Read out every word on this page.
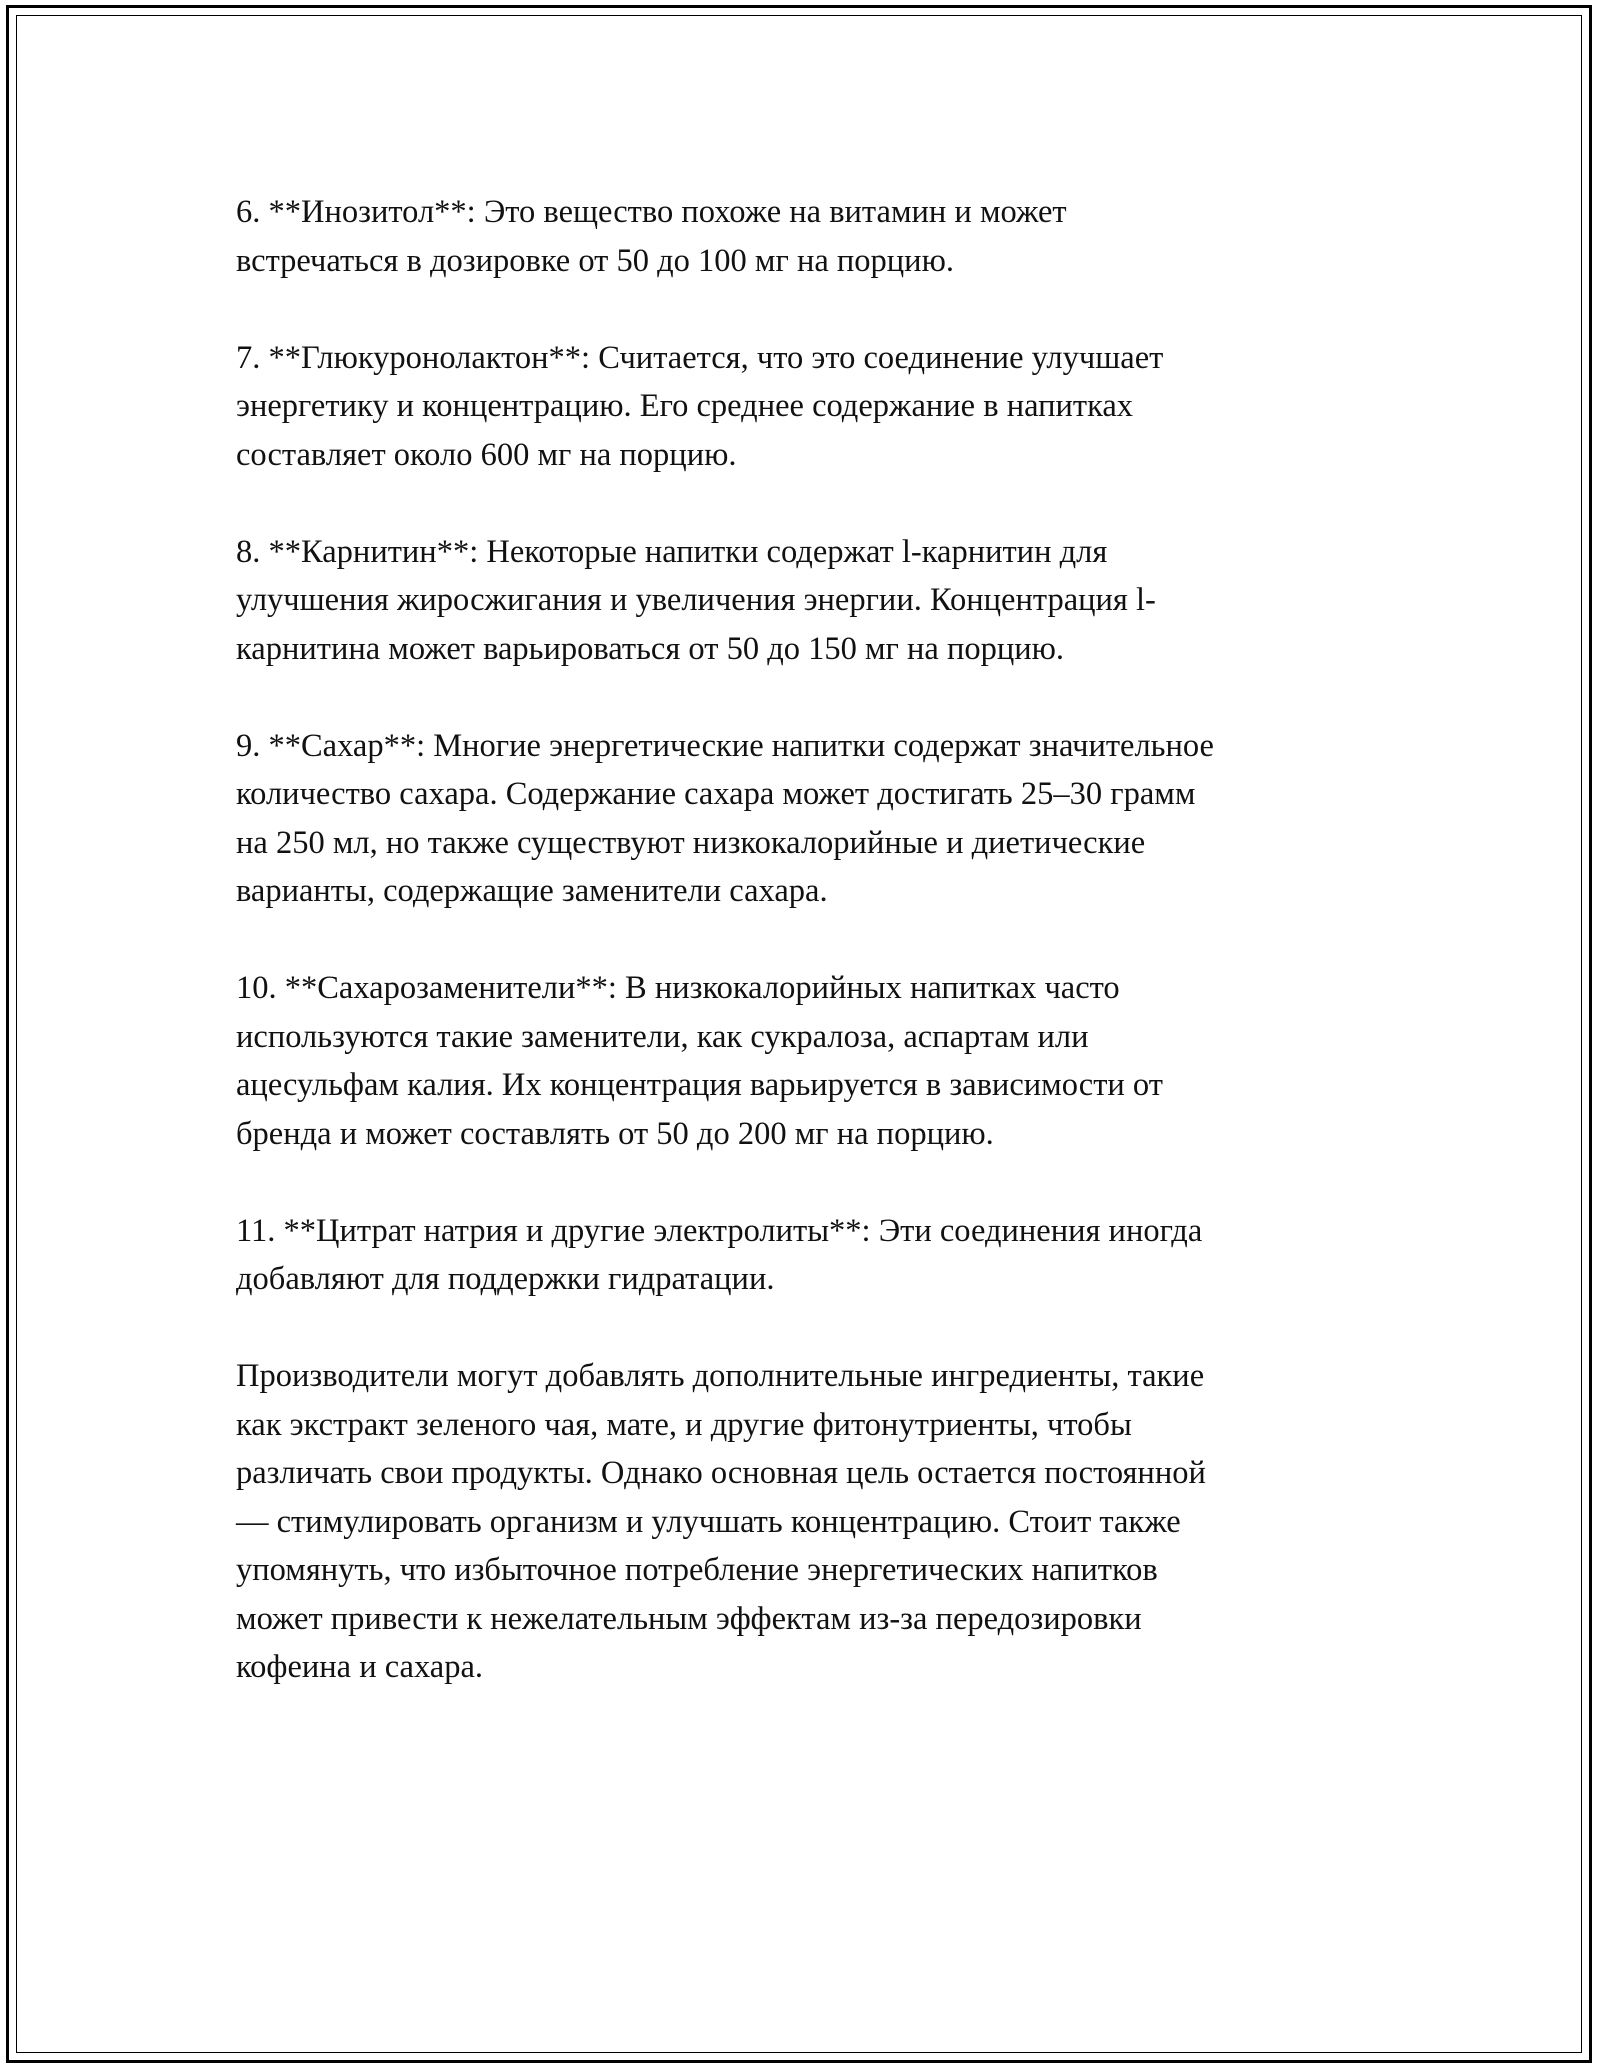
6. **Инозитол**: Это вещество похоже на витамин и может
встречаться в дозировке от 50 до 100 мг на порцию.

7. **Глюкуронолактон**: Считается, что это соединение улучшает
энергетику и концентрацию. Его среднее содержание в напитках
составляет около 600 мг на порцию.

8. **Карнитин**: Некоторые напитки содержат l-карнитин для
улучшения жиросжигания и увеличения энергии. Концентрация l-
карнитина может варьироваться от 50 до 150 мг на порцию.

9. **Сахар**: Многие энергетические напитки содержат значительное
количество сахара. Содержание сахара может достигать 25–30 грамм
на 250 мл, но также существуют низкокалорийные и диетические
варианты, содержащие заменители сахара.

10. **Сахарозаменители**: В низкокалорийных напитках часто
используются такие заменители, как сукралоза, аспартам или
ацесульфам калия. Их концентрация варьируется в зависимости от
бренда и может составлять от 50 до 200 мг на порцию.

11. **Цитрат натрия и другие электролиты**: Эти соединения иногда
добавляют для поддержки гидратации.

Производители могут добавлять дополнительные ингредиенты, такие
как экстракт зеленого чая, мате, и другие фитонутриенты, чтобы
различать свои продукты. Однако основная цель остается постоянной
— стимулировать организм и улучшать концентрацию. Стоит также
упомянуть, что избыточное потребление энергетических напитков
может привести к нежелательным эффектам из-за передозировки
кофеина и сахара.
